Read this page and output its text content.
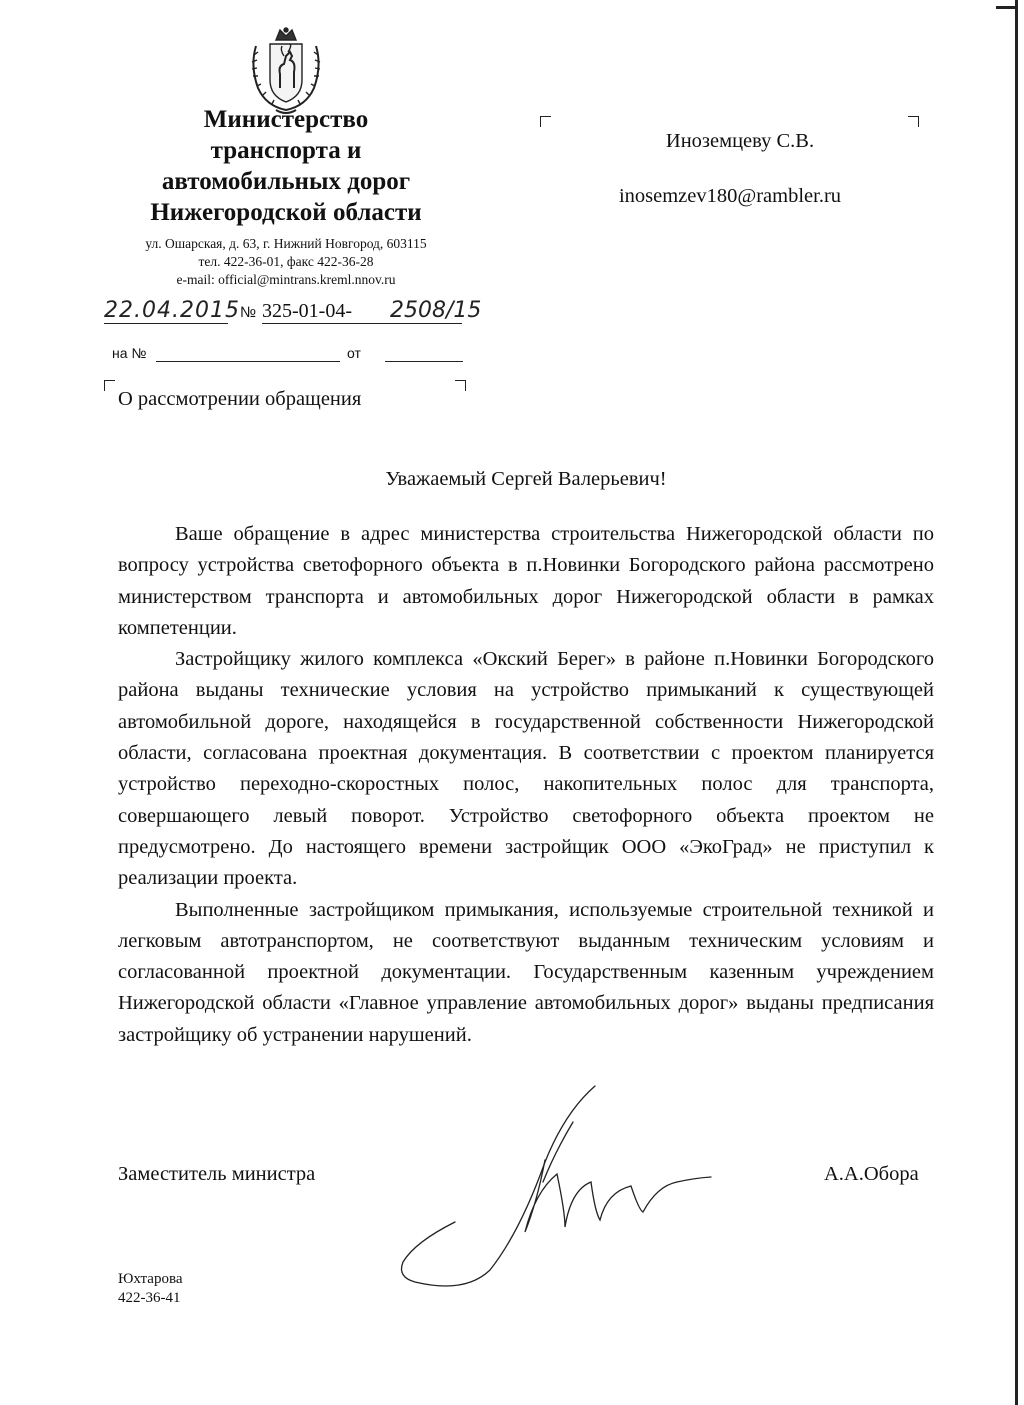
Министерство
транспорта и
автомобильных дорог
Нижегородской области
ул. Ошарская, д. 63, г. Нижний Новгород, 603115
тел. 422-36-01, факс 422-36-28
e-mail: official@mintrans.kreml.nnov.ru
22.04.2015 № 325-01-04- 2508/15
на №	от
О рассмотрении обращения
Иноземцеву С.В.
inosemzev180@rambler.ru
Уважаемый Сергей Валерьевич!

Ваше обращение в адрес министерства строительства Нижегородской области по вопросу устройства светофорного объекта в п.Новинки Богородского района рассмотрено министерством транспорта и автомобильных дорог Нижегородской области в рамках компетенции.

Застройщику жилого комплекса «Окский Берег» в районе п.Новинки Богородского района выданы технические условия на устройство примыканий к существующей автомобильной дороге, находящейся в государственной собственности Нижегородской области, согласована проектная документация. В соответствии с проектом планируется устройство переходно-скоростных полос, накопительных полос для транспорта, совершающего левый поворот. Устройство светофорного объекта проектом не предусмотрено. До настоящего времени застройщик ООО «ЭкоГрад» не приступил к реализации проекта.

Выполненные застройщиком примыкания, используемые строительной техникой и легковым автотранспортом, не соответствуют выданным техническим условиям и согласованной проектной документации. Государственным казенным учреждением Нижегородской области «Главное управление автомобильных дорог» выданы предписания застройщику об устранении нарушений.

Заместитель министра	А.А.Обора
Юхтарова
422-36-41
